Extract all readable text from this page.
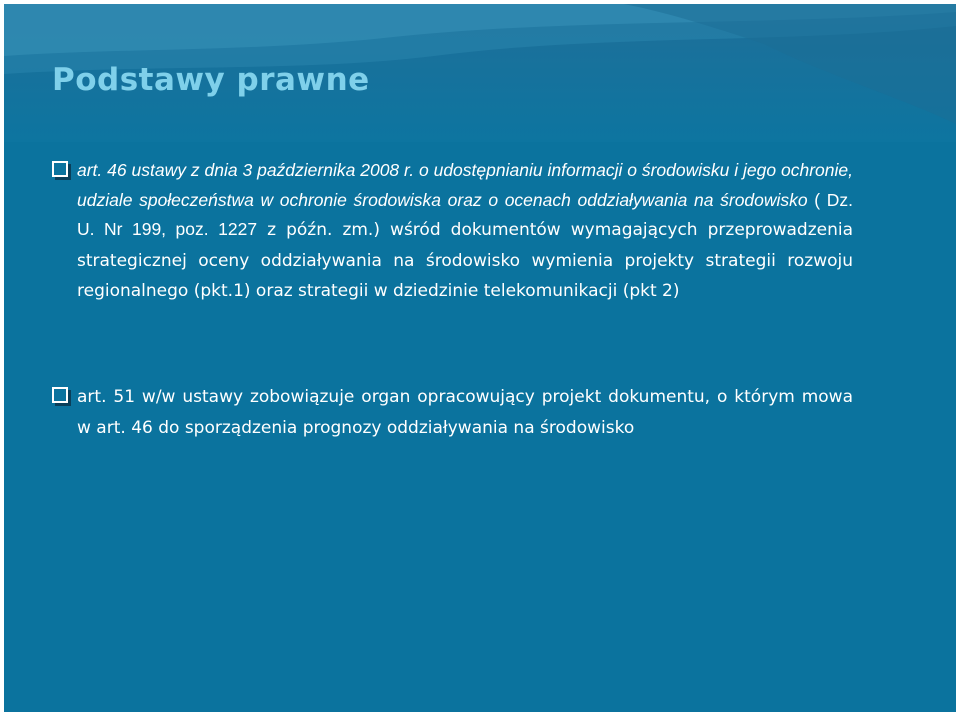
Podstawy prawne

art. 46 ustawy z dnia 3 października 2008 r. o udostępnianiu informacji o środowisku i jego ochronie, udziale społeczeństwa w ochronie środowiska oraz o ocenach oddziaływania na środowisko ( Dz. U. Nr 199, poz. 1227 z późn. zm.) wśród dokumentów wymagających przeprowadzenia strategicznej oceny oddziaływania na środowisko wymienia projekty strategii rozwoju regionalnego (pkt.1) oraz strategii w dziedzinie telekomunikacji (pkt 2)

art. 51 w/w ustawy zobowiązuje organ opracowujący projekt dokumentu, o którym mowa w art. 46 do sporządzenia prognozy oddziaływania na środowisko
